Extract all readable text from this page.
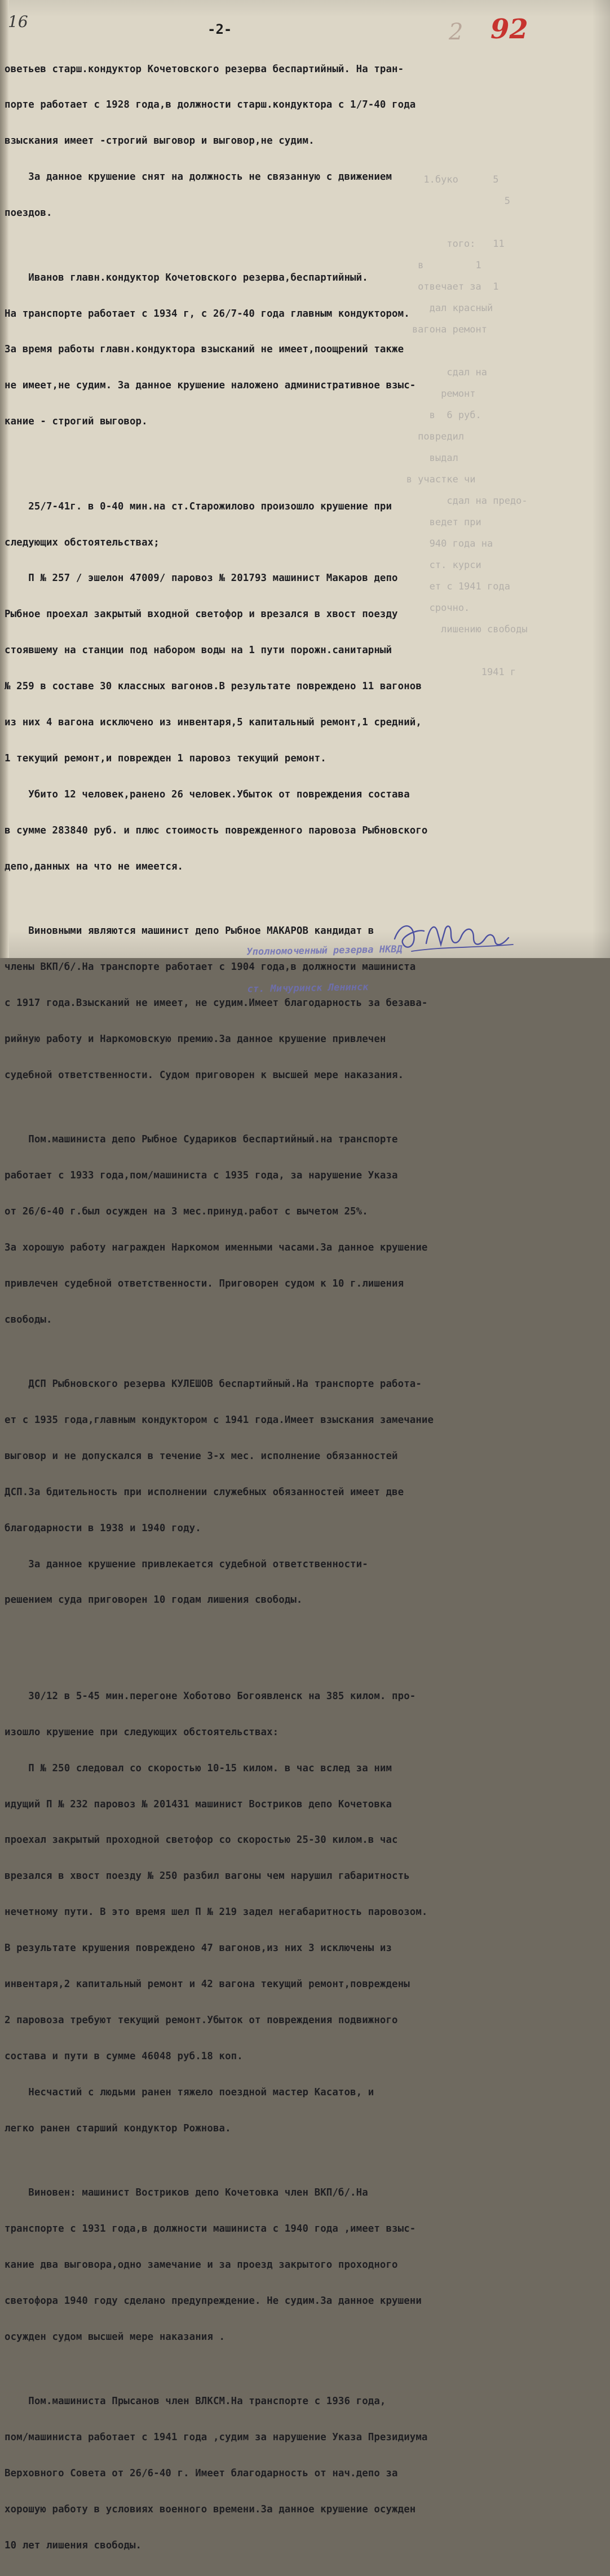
1.буко      5
5

того:   11
в         1
отвечает за  1
дал красный
вагона ремонт

сдал на
ремонт
в  6 руб.
повредил
выдал
в участке чи
сдал на предо-
ведет при
940 года на
ст. курси
ет с 1941 года
срочно.
лишению свободы

1941 г
16	-2-	2 92

оветьев старш.кондуктор Кочетовского резерва беспартийный. На тран-

порте работает с 1928 года,в должности старш.кондуктора с 1/7-40 года

взыскания имеет -строгий выговор и выговор,не судим.

За данное крушение снят на должность не связанную с движением

поездов.

Иванов главн.кондуктор Кочетовского резерва,беспартийный.

На транспорте работает с 1934 г, с 26/7-40 года главным кондуктором.

За время работы главн.кондуктора взысканий не имеет,поощрений также

не имеет,не судим. За данное крушение наложено административное взыс-

кание - строгий выговор.

25/7-41г. в 0-40 мин.на ст.Старожилово произошло крушение при

следующих обстоятельствах;

П № 257 / эшелон 47009/ паровоз № 201793 машинист Макаров депо

Рыбное проехал закрытый входной светофор и врезался в хвост поезду

стоявшему на станции под набором воды на 1 пути порожн.санитарный

№ 259 в составе 30 классных вагонов.В результате повреждено 11 вагонов

из них 4 вагона исключено из инвентаря,5 капитальный ремонт,1 средний,

1 текущий ремонт,и поврежден 1 паровоз текущий ремонт.

Убито 12 человек,ранено 26 человек.Убыток от повреждения состава

в сумме 283840 руб. и плюс стоимость поврежденного паровоза Рыбновского

депо,данных на что не имеется.

Виновными являются машинист депо Рыбное МАКАРОВ кандидат в

члены ВКП/б/.На транспорте работает с 1904 года,в должности машиниста

с 1917 года.Взысканий не имеет, не судим.Имеет благодарность за безава-

рийную работу и Наркомовскую премию.За данное крушение привлечен

судебной ответственности. Судом приговорен к высшей мере наказания.

Пом.машиниста депо Рыбное Судариков беспартийный.на транспорте

работает с 1933 года,пом/машиниста с 1935 года, за нарушение Указа

от 26/6-40 г.был осужден на 3 мес.принуд.работ с вычетом 25%.

За хорошую работу награжден Наркомом именными часами.За данное крушение

привлечен судебной ответственности. Приговорен судом к 10 г.лишения

свободы.

ДСП Рыбновского резерва КУЛЕШОВ беспартийный.На транспорте работа-

ет с 1935 года,главным кондуктором с 1941 года.Имеет взыскания замечание

выговор и не допускался в течение 3-х мес. исполнение обязанностей

ДСП.За бдительность при исполнении служебных обязанностей имеет две

благодарности в 1938 и 1940 году.

За данное крушение привлекается судебной ответственности-

решением суда приговорен 10 годам лишения свободы.

30/12 в 5-45 мин.перегоне Хоботово Богоявленск на 385 килом. про-

изошло крушение при следующих обстоятельствах:

П № 250 следовал со скоростью 10-15 килом. в час вслед за ним

идущий П № 232 паровоз № 201431 машинист Востриков депо Кочетовка

проехал закрытый проходной светофор со скоростью 25-30 килом.в час

врезался в хвост поезду № 250 разбил вагоны чем нарушил габаритность

нечетному пути. В это время шел П № 219 задел негабаритность паровозом.

В результате крушения повреждено 47 вагонов,из них 3 исключены из

инвентаря,2 капитальный ремонт и 42 вагона текущий ремонт,повреждены

2 паровоза требуют текущий ремонт.Убыток от повреждения подвижного

состава и пути в сумме 46048 руб.18 коп.

Несчастий с людьми ранен тяжело поездной мастер Касатов, и

легко ранен старший кондуктор Рожнова.

Виновен: машинист Востриков депо Кочетовка член ВКП/б/.На

транспорте с 1931 года,в должности машиниста с 1940 года ,имеет взыс-

кание два выговора,одно замечание и за проезд закрытого проходного

светофора 1940 году сделано предупреждение. Не судим.За данное крушени

осужден судом высшей мере наказания .

Пом.машиниста Прысанов член ВЛКСМ.На транспорте с 1936 года,

пом/машиниста работает с 1941 года ,судим за нарушение Указа Президиума

Верховного Совета от 26/6-40 г. Имеет благодарность от нач.депо за

хорошую работу в условиях военного времени.За данное крушение осужден

10 лет лишения свободы.

Уполномоченный резерва НКВД

ст. Мичуринск Ленинск
